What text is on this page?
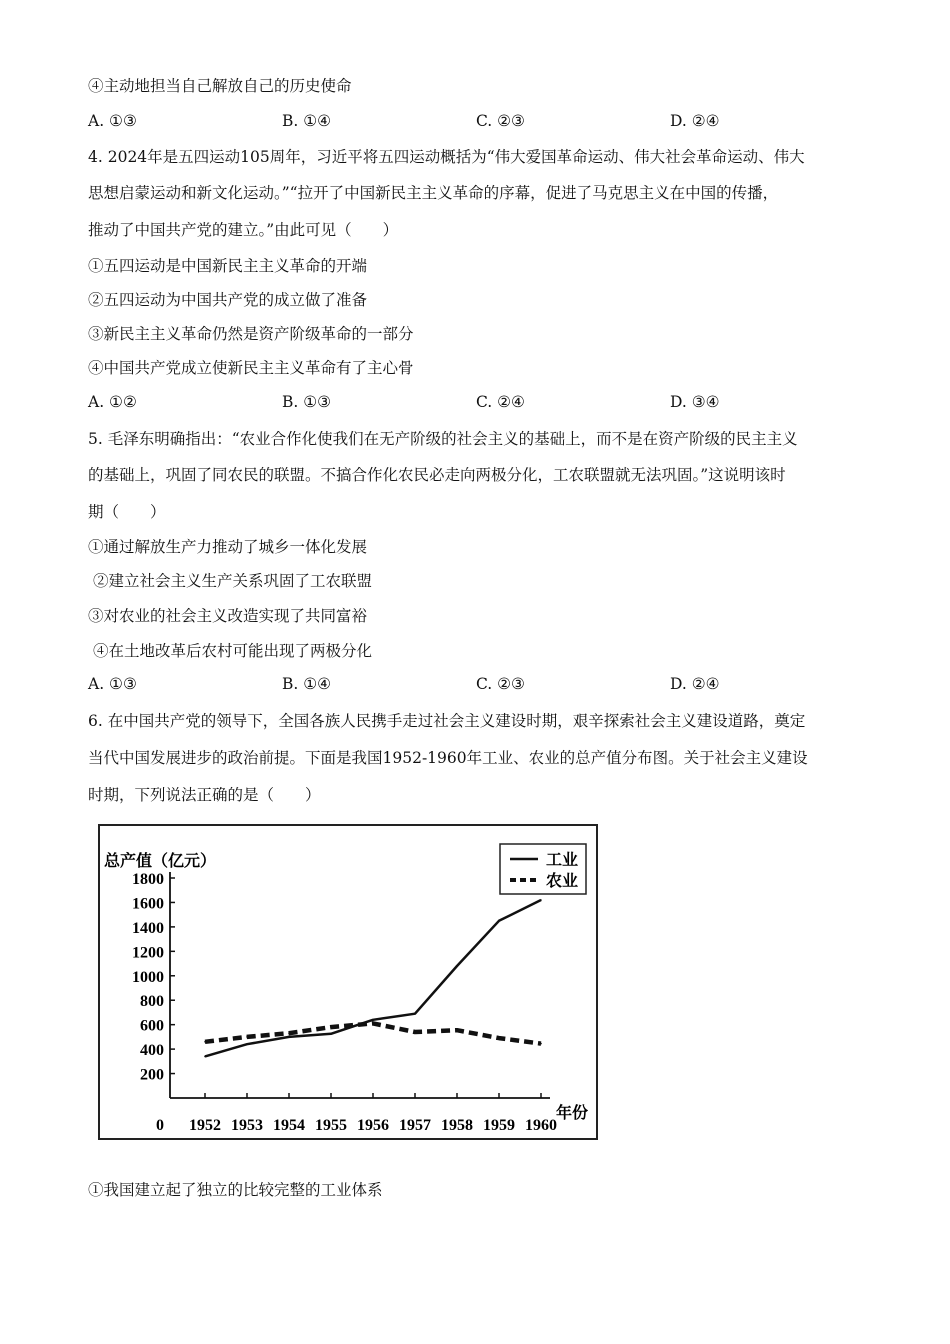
④主动地担当自己解放自己的历史使命
A. ①③	B. ①④	C. ②③	D. ②④
4. 2024年是五四运动105周年，习近平将五四运动概括为“伟大爱国革命运动、伟大社会革命运动、伟大
思想启蒙运动和新文化运动。”“拉开了中国新民主主义革命的序幕，促进了马克思主义在中国的传播，
推动了中国共产党的建立。”由此可见（　　）
①五四运动是中国新民主主义革命的开端
②五四运动为中国共产党的成立做了准备
③新民主主义革命仍然是资产阶级革命的一部分
④中国共产党成立使新民主主义革命有了主心骨
A. ①②	B. ①③	C. ②④	D. ③④
5. 毛泽东明确指出：“农业合作化使我们在无产阶级的社会主义的基础上，而不是在资产阶级的民主主义
的基础上，巩固了同农民的联盟。不搞合作化农民必走向两极分化，工农联盟就无法巩固。”这说明该时
期（　　）
①通过解放生产力推动了城乡一体化发展
②建立社会主义生产关系巩固了工农联盟
③对农业的社会主义改造实现了共同富裕
④在土地改革后农村可能出现了两极分化
A. ①③	B. ①④	C. ②③	D. ②④
6. 在中国共产党的领导下，全国各族人民携手走过社会主义建设时期，艰辛探索社会主义建设道路，奠定
当代中国发展进步的政治前提。下面是我国1952-1960年工业、农业的总产值分布图。关于社会主义建设
时期，下列说法正确的是（　　）
总产值（亿元）	工业
农业
200
400
600
800
1000
1200
1400
1600
1800
0 1952 1953 1954 1955 1956 1957 1958 1959 1960
年份
①我国建立起了独立的比较完整的工业体系
